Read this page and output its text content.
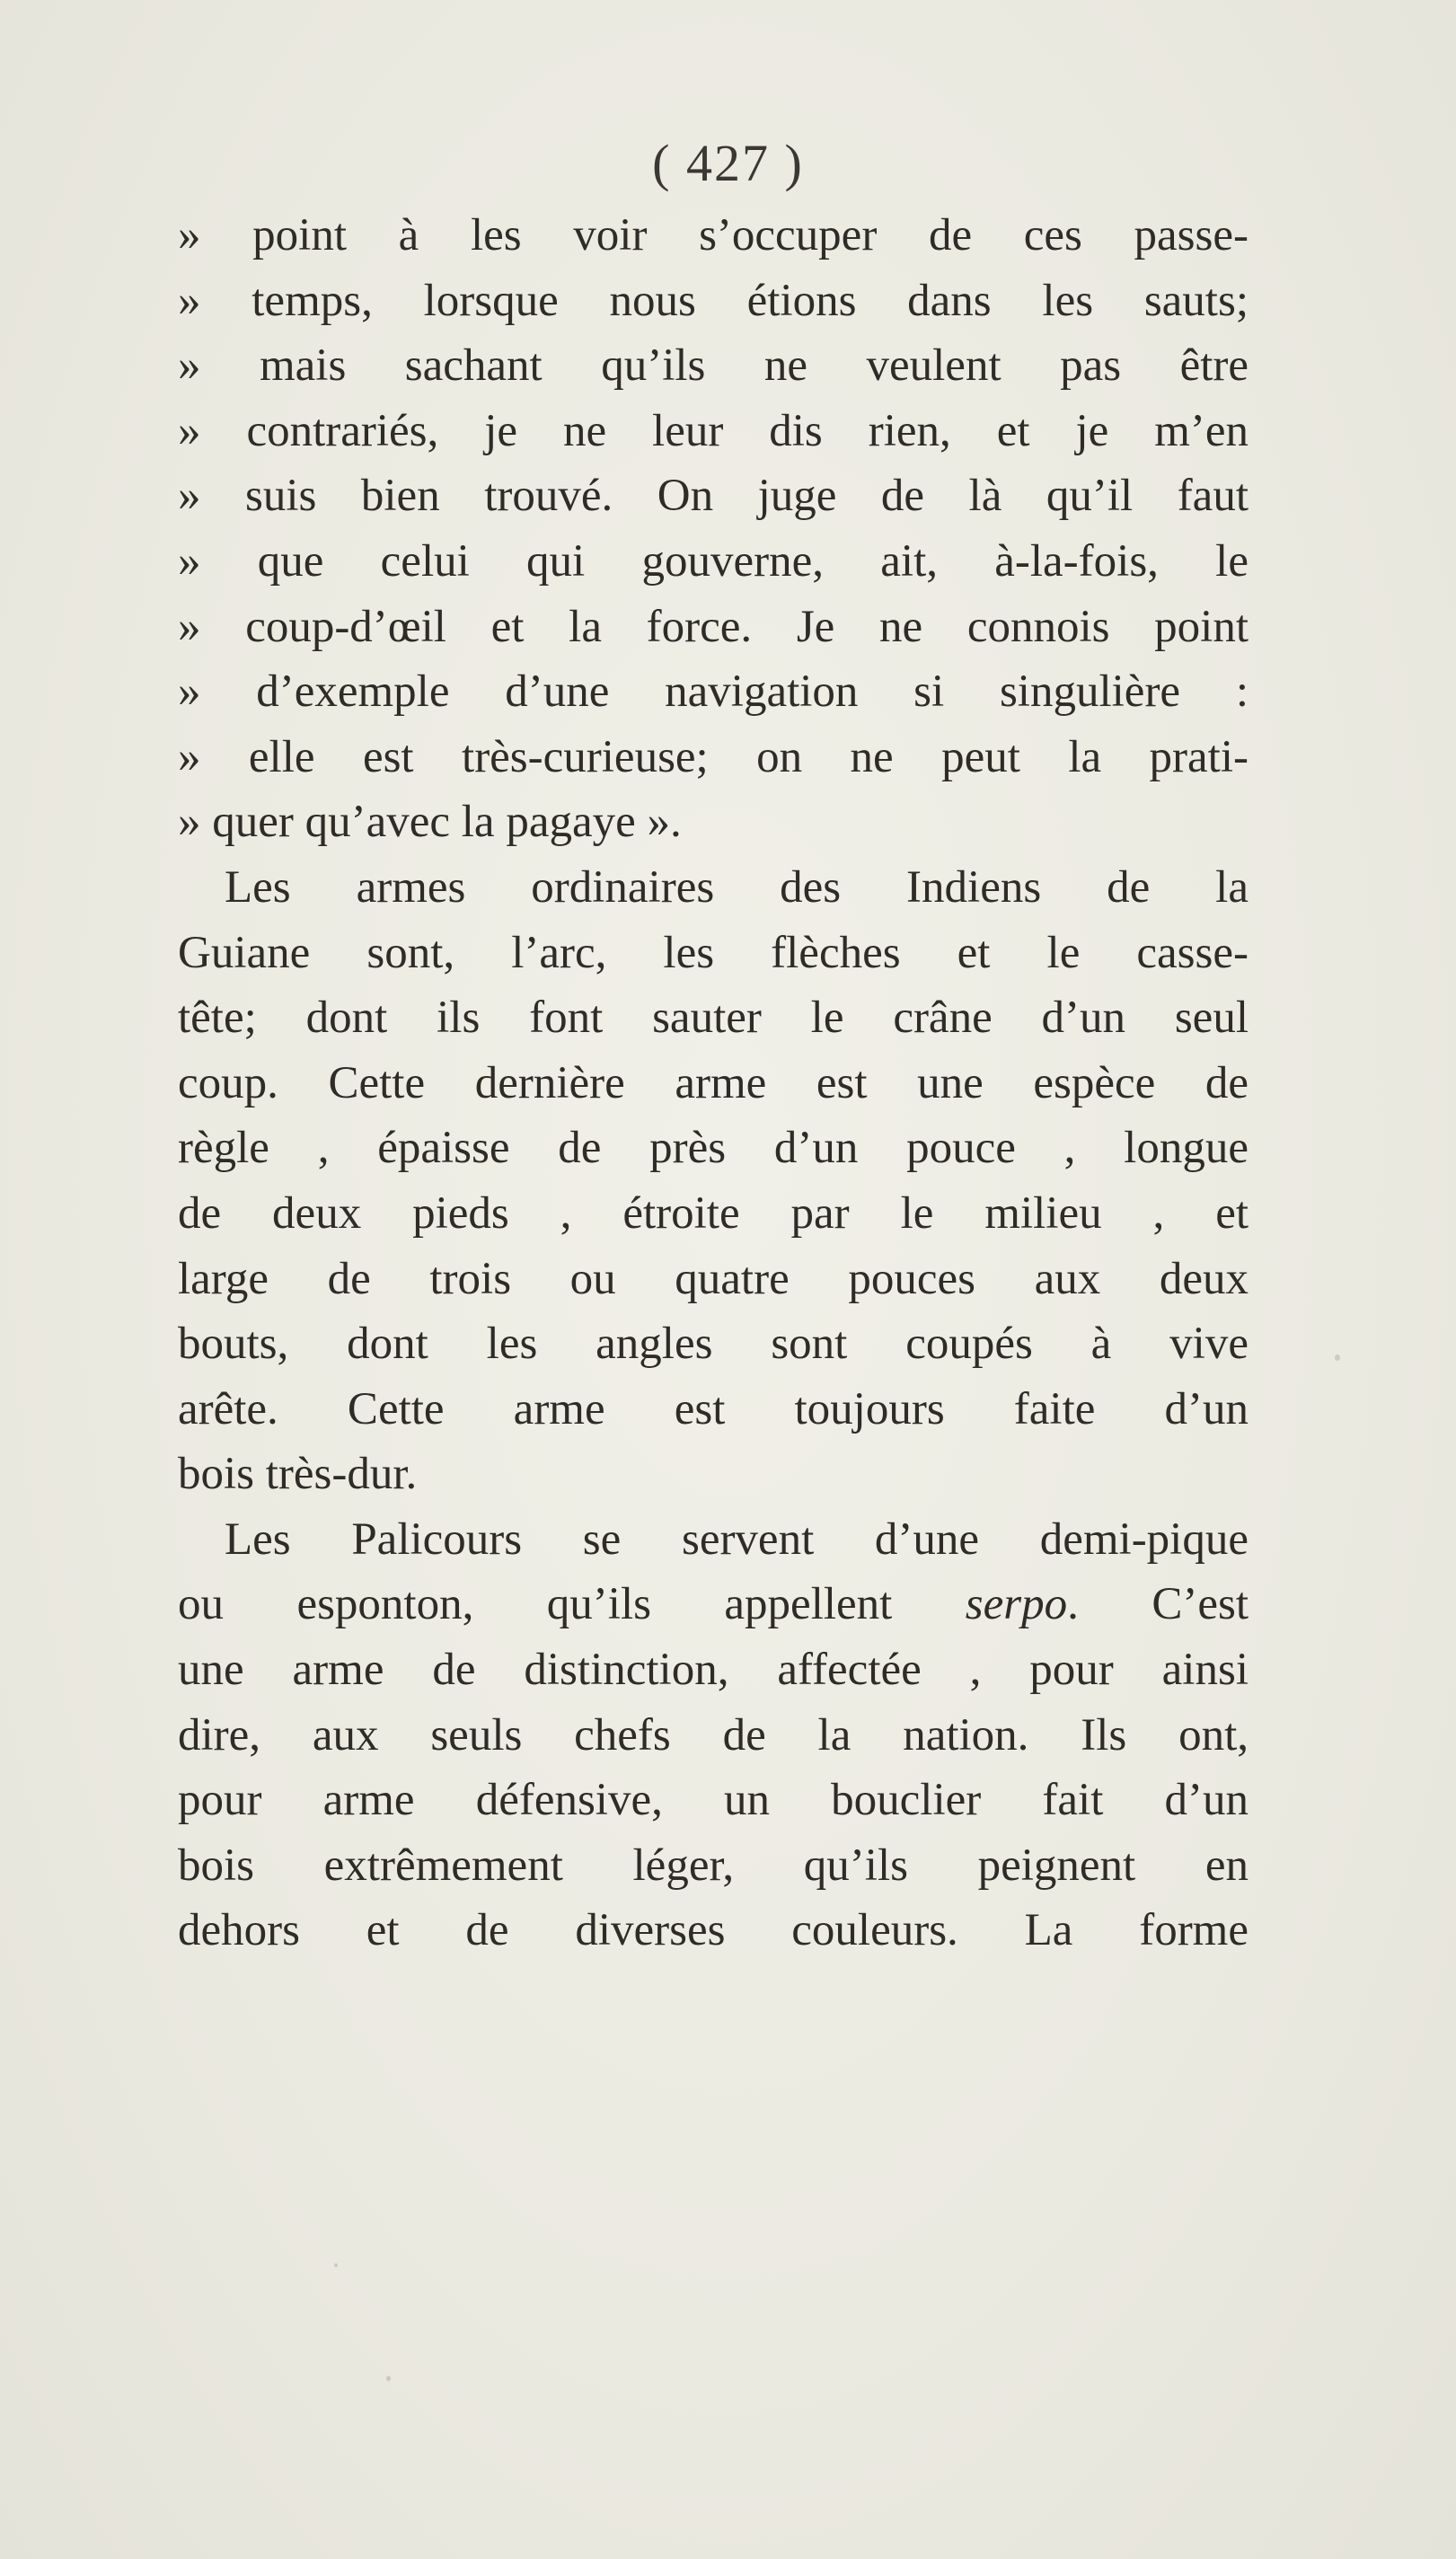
( 427 )
» point à les voir s’occuper de ces passe-
» temps, lorsque nous étions dans les sauts;
» mais sachant qu’ils ne veulent pas être
» contrariés, je ne leur dis rien, et je m’en
» suis bien trouvé. On juge de là qu’il faut
» que celui qui gouverne, ait, à-la-fois, le
» coup-d’œil et la force. Je ne connois point
» d’exemple d’une navigation si singulière :
» elle est très-curieuse; on ne peut la prati-
» quer qu’avec la pagaye ».
Les armes ordinaires des Indiens de la
Guiane sont, l’arc, les flèches et le casse-
tête; dont ils font sauter le crâne d’un seul
coup. Cette dernière arme est une espèce de
règle , épaisse de près d’un pouce , longue
de deux pieds , étroite par le milieu , et
large de trois ou quatre pouces aux deux
bouts, dont les angles sont coupés à vive
arête. Cette arme est toujours faite d’un
bois très-dur.
Les Palicours se servent d’une demi-pique
ou esponton, qu’ils appellent serpo. C’est
une arme de distinction, affectée , pour ainsi
dire, aux seuls chefs de la nation. Ils ont,
pour arme défensive, un bouclier fait d’un
bois extrêmement léger, qu’ils peignent en
dehors et de diverses couleurs. La forme
